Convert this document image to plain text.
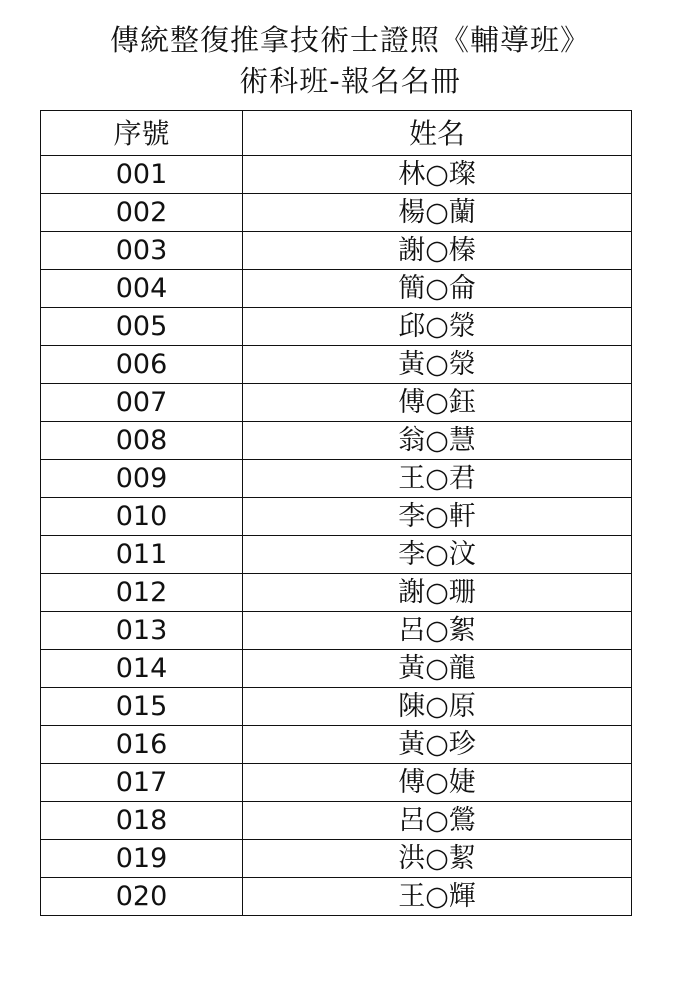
傳統整復推拿技術士證照《輔導班》
術科班-報名名冊
序號	姓名
001	林○璨
002	楊○蘭
003	謝○榛
004	簡○侖
005	邱○滎
006	黃○滎
007	傅○鈺
008	翁○慧
009	王○君
010	李○軒
011	李○汶
012	謝○珊
013	呂○絮
014	黃○龍
015	陳○原
016	黃○珍
017	傅○婕
018	呂○鶯
019	洪○絜
020	王○輝
